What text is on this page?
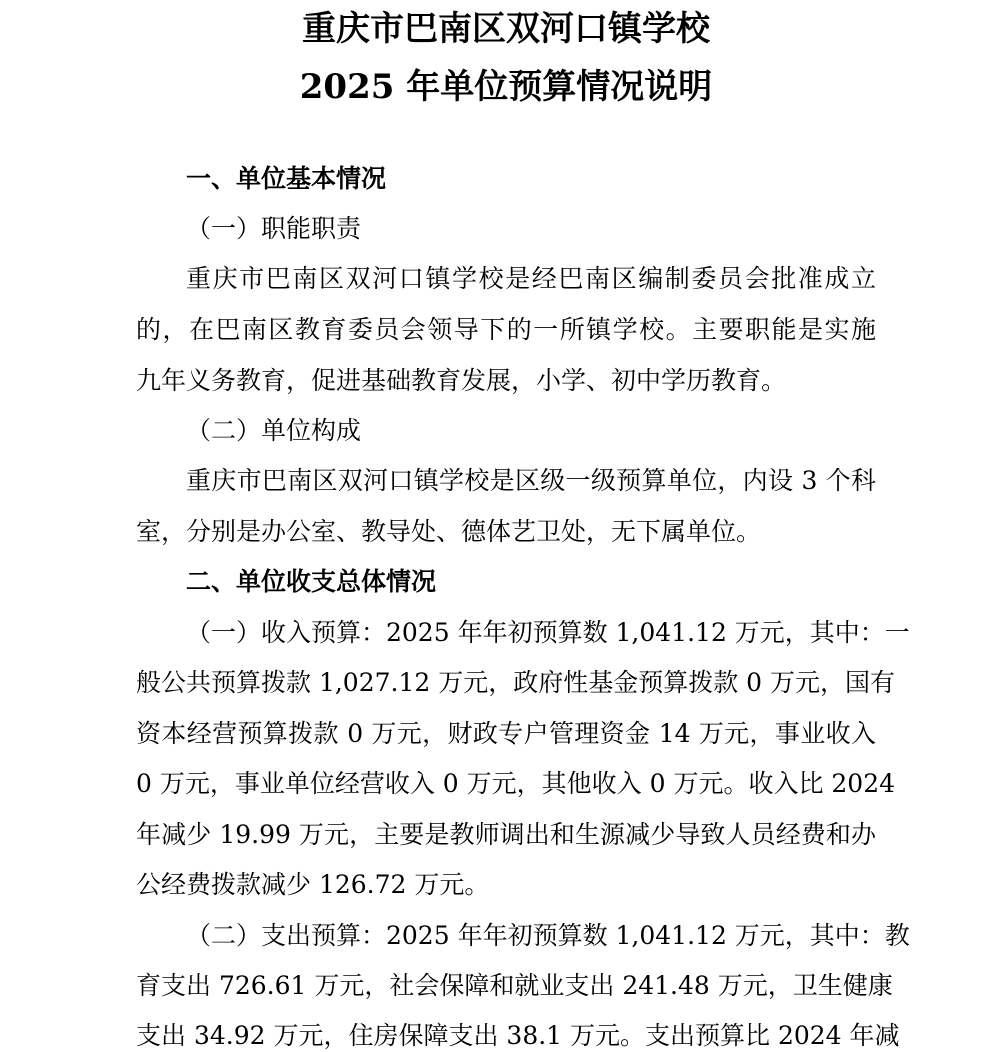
重庆市巴南区双河口镇学校
2025 年单位预算情况说明
一、单位基本情况
（一）职能职责
重庆市巴南区双河口镇学校是经巴南区编制委员会批准成立
的，在巴南区教育委员会领导下的一所镇学校。主要职能是实施
九年义务教育，促进基础教育发展，小学、初中学历教育。
（二）单位构成
重庆市巴南区双河口镇学校是区级一级预算单位，内设 3 个科
室，分别是办公室、教导处、德体艺卫处，无下属单位。
二、单位收支总体情况
（一）收入预算：2025 年年初预算数 1,041.12 万元，其中：一
般公共预算拨款 1,027.12 万元，政府性基金预算拨款 0 万元，国有
资本经营预算拨款 0 万元，财政专户管理资金 14 万元，事业收入
0 万元，事业单位经营收入 0 万元，其他收入 0 万元。收入比 2024
年减少 19.99 万元，主要是教师调出和生源减少导致人员经费和办
公经费拨款减少 126.72 万元。
（二）支出预算：2025 年年初预算数 1,041.12 万元，其中：教
育支出 726.61 万元，社会保障和就业支出 241.48 万元，卫生健康
支出 34.92 万元，住房保障支出 38.1 万元。支出预算比 2024 年减
